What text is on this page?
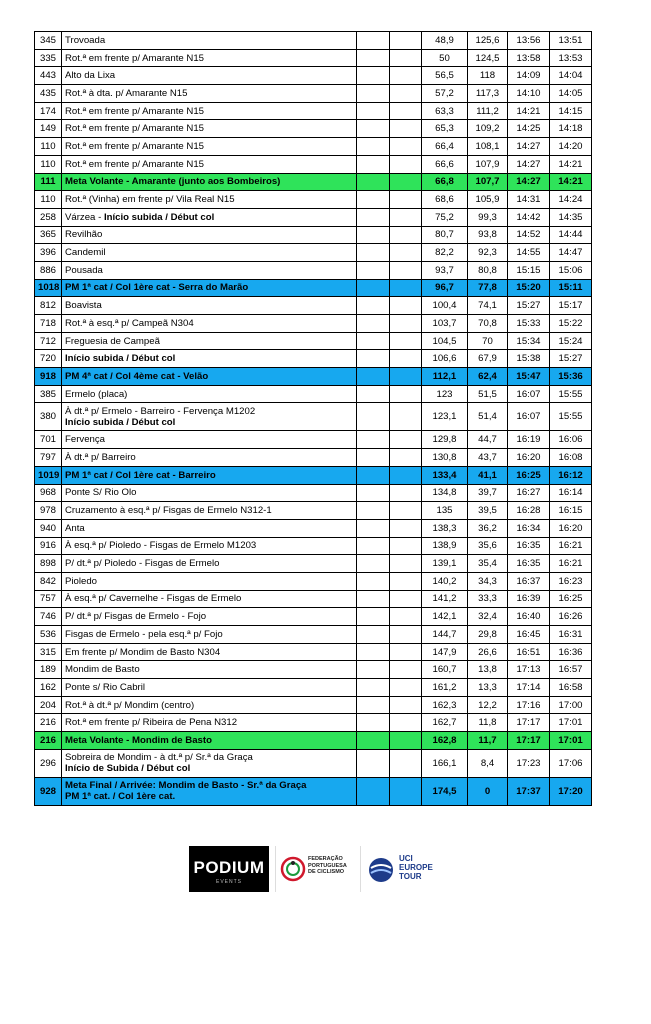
345	Trovoada			48,9	125,6	13:56	13:51
335	Rot.ª em frente p/ Amarante N15			50	124,5	13:58	13:53
443	Alto da Lixa			56,5	118	14:09	14:04
435	Rot.ª à dta. p/ Amarante N15			57,2	117,3	14:10	14:05
174	Rot.ª em frente p/ Amarante N15			63,3	111,2	14:21	14:15
149	Rot.ª em frente p/ Amarante N15			65,3	109,2	14:25	14:18
110	Rot.ª em frente p/ Amarante N15			66,4	108,1	14:27	14:20
110	Rot.ª em frente p/ Amarante N15			66,6	107,9	14:27	14:21
111	Meta Volante - Amarante (junto aos Bombeiros)			66,8	107,7	14:27	14:21
110	Rot.ª (Vinha) em frente p/ Vila Real N15			68,6	105,9	14:31	14:24
258	Várzea - Início subida / Début col			75,2	99,3	14:42	14:35
365	Revilhão			80,7	93,8	14:52	14:44
396	Candemil			82,2	92,3	14:55	14:47
886	Pousada			93,7	80,8	15:15	15:06
1018	PM 1ª cat / Col 1ère cat - Serra do Marão			96,7	77,8	15:20	15:11
812	Boavista			100,4	74,1	15:27	15:17
718	Rot.ª à esq.ª p/ Campeã N304			103,7	70,8	15:33	15:22
712	Freguesia de Campeã			104,5	70	15:34	15:24
720	Início subida / Début col			106,6	67,9	15:38	15:27
918	PM 4ª cat / Col 4ème cat - Velão			112,1	62,4	15:47	15:36
385	Ermelo (placa)			123	51,5	16:07	15:55
380	À dt.ª p/ Ermelo - Barreiro - Fervença M1202
Início subida / Début col			123,1	51,4	16:07	15:55
701	Fervença			129,8	44,7	16:19	16:06
797	À dt.ª p/ Barreiro			130,8	43,7	16:20	16:08
1019	PM 1ª cat / Col 1ère cat - Barreiro			133,4	41,1	16:25	16:12
968	Ponte S/ Rio Olo			134,8	39,7	16:27	16:14
978	Cruzamento à esq.ª p/ Fisgas de Ermelo N312-1			135	39,5	16:28	16:15
940	Anta			138,3	36,2	16:34	16:20
916	À esq.ª p/ Pioledo - Fisgas de Ermelo M1203			138,9	35,6	16:35	16:21
898	P/ dt.ª p/ Pioledo - Fisgas de Ermelo			139,1	35,4	16:35	16:21
842	Pioledo			140,2	34,3	16:37	16:23
757	À esq.ª p/ Cavernelhe - Fisgas de Ermelo			141,2	33,3	16:39	16:25
746	P/ dt.ª p/ Fisgas de Ermelo - Fojo			142,1	32,4	16:40	16:26
536	Fisgas de Ermelo - pela esq.ª p/ Fojo			144,7	29,8	16:45	16:31
315	Em frente p/ Mondim de Basto N304			147,9	26,6	16:51	16:36
189	Mondim de Basto			160,7	13,8	17:13	16:57
162	Ponte s/ Rio Cabril			161,2	13,3	17:14	16:58
204	Rot.ª à dt.ª p/ Mondim (centro)			162,3	12,2	17:16	17:00
216	Rot.ª em frente p/ Ribeira de Pena N312			162,7	11,8	17:17	17:01
216	Meta Volante - Mondim de Basto			162,8	11,7	17:17	17:01
296	Sobreira de Mondim - à dt.ª p/ Sr.ª da Graça
Início de Subida / Début col			166,1	8,4	17:23	17:06
928	Meta Final / Arrivée: Mondim de Basto - Sr.ª da Graça
PM 1ª cat. / Col 1ère cat.			174,5	0	17:37	17:20
PODIUM
EVENTS
FEDERAÇÃO
PORTUGUESA
DE CICLISMO
UCI
EUROPE
TOUR
